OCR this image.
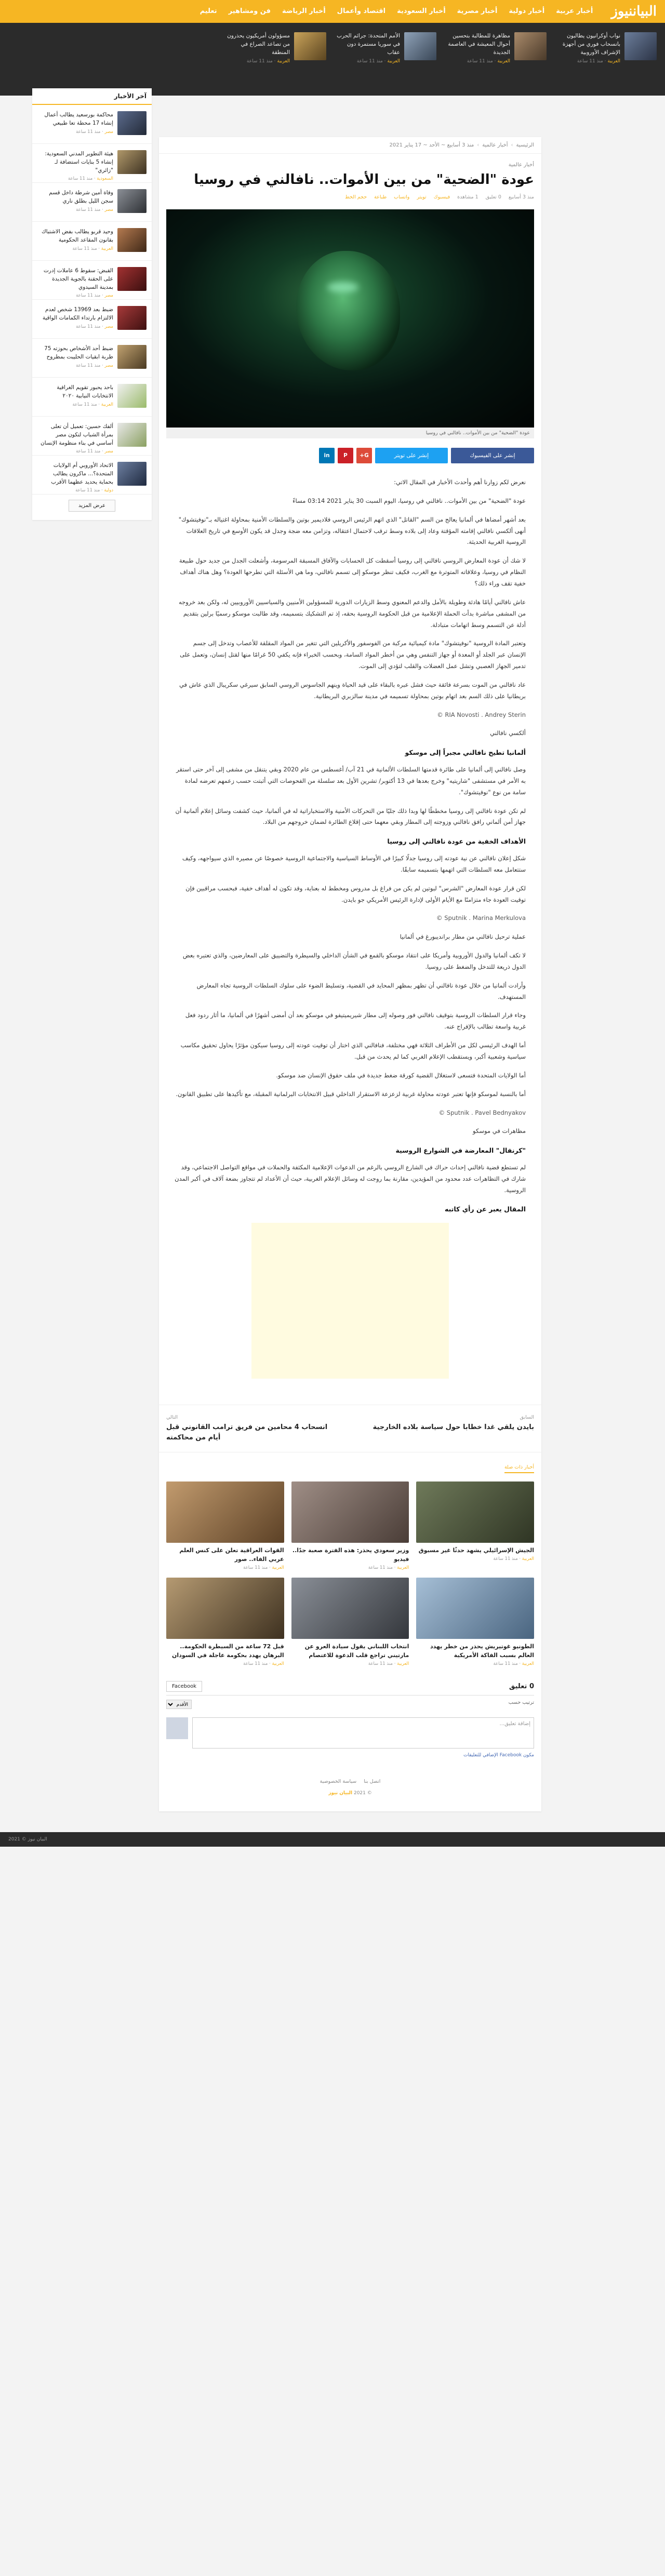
البياننيوز
أخبار عربية
أخبار دولية
أخبار مصرية
أخبار السعودية
اقتصاد وأعمال
أخبار الرياضة
فن ومشاهير
تعليم
نواب أوكرانيون يطالبون بانسحاب فوري من أجهزة الإشراف الأوروبية
العربية · منذ 11 ساعة
مظاهرة للمطالبة بتحسين أحوال المعيشة في العاصمة الجديدة
العربية · منذ 11 ساعة
الأمم المتحدة: جرائم الحرب في سوريا مستمرة دون عقاب
العربية · منذ 11 ساعة
مسؤولون أمريكيون يحذرون من تصاعد الصراع في المنطقة
العربية · منذ 11 ساعة
الرئيسية
›
أخبار عالمية
›
منذ 3 أسابيع ~ الأحد ~ 17 يناير 2021
أخبار عالمية
عودة "الضحية" من بين الأموات.. نافالني في روسيا
منذ 3 أسابيع
0 تعليق
1 مشاهدة
فيسبوك
تويتر
واتساب
طباعة
حجم الخط
عودة "الضحية" من بين الأموات.. نافالني في روسيا
إنشر على الفيسبوك
إنشر على تويتر
G+
P
in

نعرض لكم زوارنا أهم وأحدث الأخبار في المقال الاتي:

عودة "الضحية" من بين الأموات.. نافالني في روسيا، اليوم السبت 30 يناير 2021 03:14 مساءً

بعد أشهر أمضاها في ألمانيا يعالج من السم "القاتل" الذي اتهم الرئيس الروسي فلاديمير بوتين والسلطات الأمنية بمحاولة اغتياله بـ"نوفيتشوك" أنهى ألكسي نافالني إقامته المؤقتة وعاد إلى بلاده وسط ترقب لاحتمال اعتقاله، وتزامن معه ضجة وجدل قد يكون الأوسع في تاريخ العلاقات الروسية الغربية الحديثة.

لا شك أن عودة المعارض الروسي نافالني إلى روسيا أسقطت كل الحسابات والآفاق المسبقة المرسومة، وأشعلت الجدل من جديد حول طبيعة النظام في روسيا، وعلاقاته المتوترة مع الغرب، فكيف تنظر موسكو إلى تسمم نافالني، وما هي الأسئلة التي تطرحها العودة؟ وهل هناك أهداف خفية تقف وراء ذلك؟

عاش نافالني أيامًا هادئة وطويلة بالأمل والدعم المعنوي وسط الزيارات الدورية للمسؤولين الأمنيين والسياسيين الأوروبيين له، ولكن بعد خروجه من المشفى مباشرة بدأت الحملة الإعلامية من قبل الحكومة الروسية بحقه، إذ تم التشكيك بتسميمه، وقد طالبت موسكو رسميًا برلين بتقديم أدلة عن التسمم وسط اتهامات متبادلة.

وتعتبر المادة الروسية "نوفيتشوك" مادة كيميائية مركبة من الفوسفور والأكريلين التي تتغير من المواد المقلقة للأعصاب وتدخل إلى جسم الإنسان عبر الجلد أو المعدة أو جهاز التنفس وهي من أخطر المواد السامة، وبحسب الخبراء فإنه يكفي 50 غرامًا منها لقتل إنسان، وتعمل على تدمير الجهاز العصبي وتشل عمل العضلات والقلب لتؤدي إلى الموت.

عاد نافالني من الموت بسرعة فائقة حيث فشل عبره بالبقاء على قيد الحياة وينهم الجاسوس الروسي السابق سيرغي سكريبال الذي عاش في بريطانيا على ذلك السم بعد اتهام بوتين بمحاولة تسميمه في مدينة سالزبري البريطانية.

© RIA Novosti . Andrey Sterin

ألكسي نافالني

ألمانيا تطيح نافالني مجبراً إلى موسكو

وصل نافالني إلى ألمانيا على طائرة قدمتها السلطات الألمانية في 21 آب/ أغسطس من عام 2020 وبقي يتنقل من مشفى إلى آخر حتى استقر به الأمر في مستشفى "شاريتيه" وخرج بعدها في 13 أكتوبر/ تشرين الأول بعد سلسلة من الفحوصات التي أثبتت حسب زعمهم تعرضه لمادة سامة من نوع "نوفيتشوك".

لم تكن عودة نافالني إلى روسيا مخططًا لها وبدا ذلك جليًا من التحركات الأمنية والاستخباراتية له في ألمانيا، حيث كشفت وسائل إعلام ألمانية أن جهاز أمن ألماني رافق نافالني وزوجته إلى المطار وبقي معهما حتى إقلاع الطائرة لضمان خروجهم من البلاد.

الأهداف الخفية من عودة نافالني إلى روسيا

شكل إعلان نافالني عن نية عودته إلى روسيا جدلًا كبيرًا في الأوساط السياسية والاجتماعية الروسية خصوصًا عن مصيره الذي سيواجهه، وكيف ستتعامل معه السلطات التي اتهمها بتسميمه سابقًا.

لكن قرار عودة المعارض "الشرس" لبوتين لم يكن من فراغ بل مدروس ومخطط له بعناية، وقد تكون له أهداف خفية، فبحسب مراقبين فإن توقيت العودة جاء متزامنًا مع الأيام الأولى لإدارة الرئيس الأمريكي جو بايدن.

© Sputnik . Marina Merkulova

عملية ترحيل نافالني من مطار برانديبورغ في ألمانيا

لا تكف ألمانيا والدول الأوروبية وأمريكا على انتقاد موسكو بالقمع في الشأن الداخلي والسيطرة والتضييق على المعارضين، والذي تعتبره بعض الدول ذريعة للتدخل والضغط على روسيا.

وأرادت ألمانيا من خلال عودة نافالني أن تظهر بمظهر المحايد في القضية، وتسليط الضوء على سلوك السلطات الروسية تجاه المعارض المستهدف.

وجاء قرار السلطات الروسية بتوقيف نافالني فور وصوله إلى مطار شيريميتيفو في موسكو بعد أن أمضى أشهرًا في ألمانيا، ما أثار ردود فعل غربية واسعة تطالب بالإفراج عنه.

أما الهدف الرئيسي لكل من الأطراف الثلاثة فهي مختلفة، فنافالني الذي اختار أن توقيت عودته إلى روسيا سيكون مؤثرًا يحاول تحقيق مكاسب سياسية وشعبية أكبر، ويستقطب الإعلام الغربي كما لم يحدث من قبل.

أما الولايات المتحدة فتسعى لاستغلال القضية كورقة ضغط جديدة في ملف حقوق الإنسان ضد موسكو.

أما بالنسبة لموسكو فإنها تعتبر عودته محاولة غربية لزعزعة الاستقرار الداخلي قبيل الانتخابات البرلمانية المقبلة، مع تأكيدها على تطبيق القانون.

© Sputnik . Pavel Bednyakov

مظاهرات في موسكو

"كرنفال" المعارضة في الشوارع الروسية

لم تستطع قضية نافالني إحداث حراك في الشارع الروسي بالرغم من الدعوات الإعلامية المكثفة والحملات في مواقع التواصل الاجتماعي، وقد شارك في التظاهرات عدد محدود من المؤيدين، مقارنة بما روجت له وسائل الإعلام الغربية، حيث أن الأعداد لم تتجاوز بضعة آلاف في أكبر المدن الروسية.

المقال يعبر عن رأي كاتبه
السابق
بايدن يلقي غدا خطابا حول سياسة بلاده الخارجية
التالي
انسحاب 4 محامين من فريق ترامب القانوني قبل أيام من محاكمته
أخبار ذات صلة
الجيش الإسرائيلي يشهد حدثًا غير مسبوق
العربية · منذ 11 ساعة
وزير سعودي يحذر: هذه الفترة صعبة جدًا.. فيديو
العربية · منذ 11 ساعة
القوات العراقية تعلن على كنس العلم عربي الفاء.. صور
العربية · منذ 11 ساعة
الطونيو غوتيريش يحذر من خطر يهدد العالم بسبب الفاكة الأمريكية
العربية · منذ 11 ساعة
انتخاب اللبناني يقول سيادة العرو عن مارتيني تراجع قلب الدعوة للاعتصام
العربية · منذ 11 ساعة
قبل 72 ساعة من السيطرة الحكومة.. البرهان يهدد بحكومة عاجلة في السودان
العربية · منذ 11 ساعة
0 تعليق
Facebook
ترتيب حسب
الأقدم
إضافة تعليق...
مكون Facebook الإضافي للتعليقات
اتصل بنا
سياسة الخصوصية
© 2021 البيان نيوز
آخر الأخبار
محاكمة بورسعيد يطالب أعمال إنشاء 17 محطة تعا طبيعي
مصر · منذ 11 ساعة
هيئة التطوير المدني السعودية: إنشاء 5 بنايات استضافة لـ "زائري"
السعودية · منذ 11 ساعة
وفاة أمين شرطة داخل قسم سجن الليل بطلق ناري
مصر · منذ 11 ساعة
وحيد قربو يطالب بفض الاشتباك بقانون المقاعد الحكومية
العربية · منذ 11 ساعة
القبض: سقوط 6 عاملات إدرت على الحقنة بالجوية الجديدة بمدينة السيدوي
مصر · منذ 11 ساعة
ضبط بعد 13969 شخص لعدم الالتزام بارتداء الكمامات الواقية
مصر · منذ 11 ساعة
ضبط أحد الأشخاص بحوزته 75 طربة ابقيات الحليبت بمطروح
مصر · منذ 11 ساعة
باحد يحبور تقويم الغرافية الانتخابات النيابية ٢٠٢٠
العربية · منذ 11 ساعة
ألفك حسين: تعميل أن تعلى بمرأة الشباب لتكون مصر أساسي في بناء منظومة الإنسان
مصر · منذ 11 ساعة
الاتحاد الأوروبي أم الولايات المتحدة؟... ماكرون يطالب بحماية يحديد عظهما الأقرب
دولية · منذ 11 ساعة
عرض المزيد
البيان نيوز © 2021
